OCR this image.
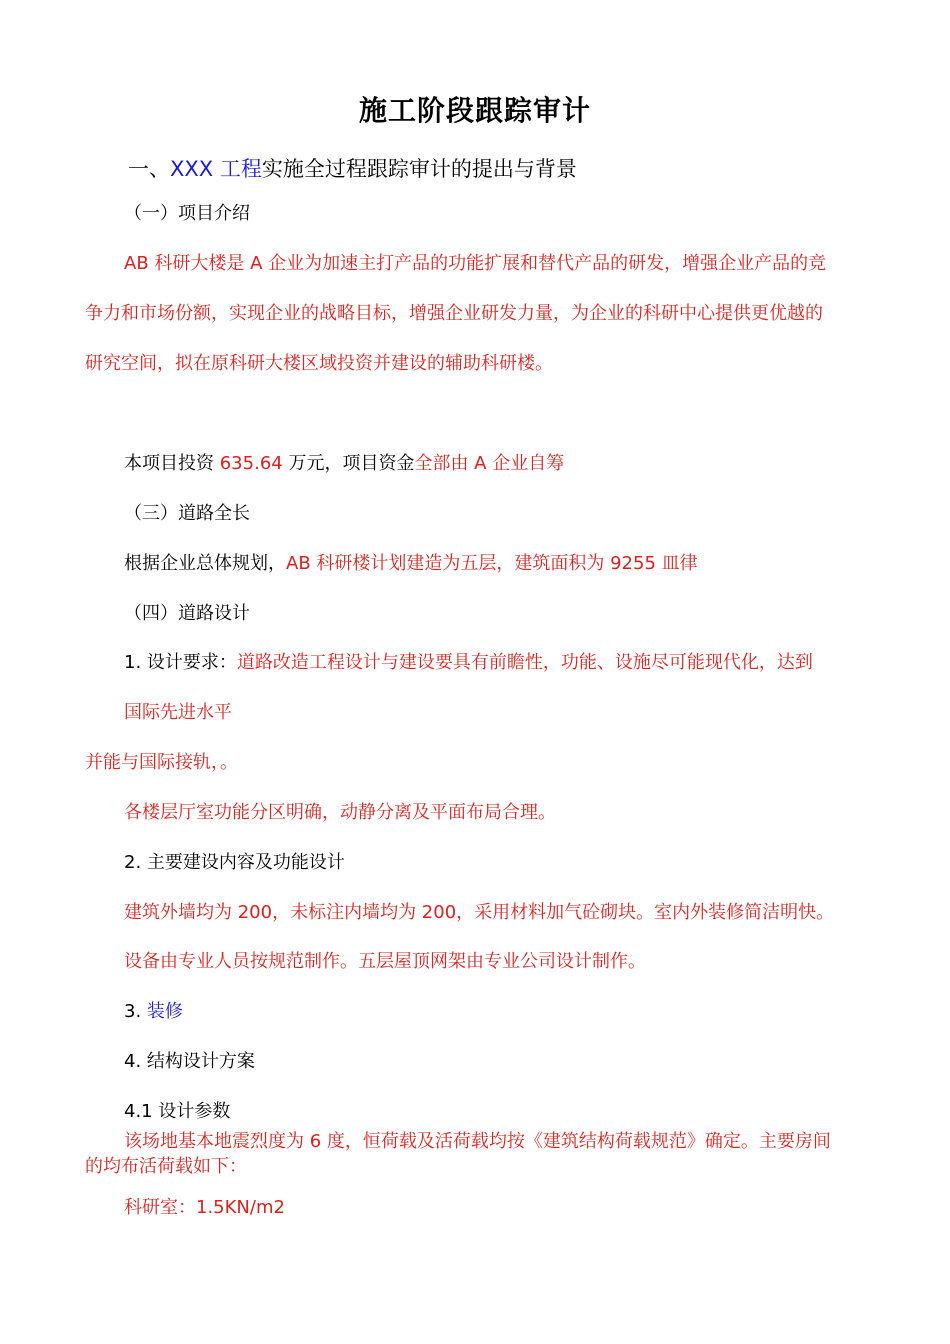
施工阶段跟踪审计
一、XXX 工程实施全过程跟踪审计的提出与背景
（一）项目介绍
AB 科研大楼是 A 企业为加速主打产品的功能扩展和替代产品的研发，增强企业产品的竞
争力和市场份额，实现企业的战略目标，增强企业研发力量，为企业的科研中心提供更优越的
研究空间，拟在原科研大楼区域投资并建设的辅助科研楼。
本项目投资 635.64 万元，项目资金全部由 A 企业自筹
（三）道路全长
根据企业总体规划，AB 科研楼计划建造为五层，建筑面积为 9255 皿律
（四）道路设计
1. 设计要求：道路改造工程设计与建设要具有前瞻性，功能、设施尽可能现代化，达到
国际先进水平
并能与国际接轨，。
各楼层厅室功能分区明确，动静分离及平面布局合理。
2. 主要建设内容及功能设计
建筑外墙均为 200，未标注内墙均为 200，采用材料加气砼砌块。室内外装修简洁明快。
设备由专业人员按规范制作。五层屋顶网架由专业公司设计制作。
3. 装修
4. 结构设计方案
4.1 设计参数
该场地基本地震烈度为 6 度，恒荷载及活荷载均按《建筑结构荷载规范》确定。主要房间
的均布活荷载如下：
科研室：1.5KN/m2
